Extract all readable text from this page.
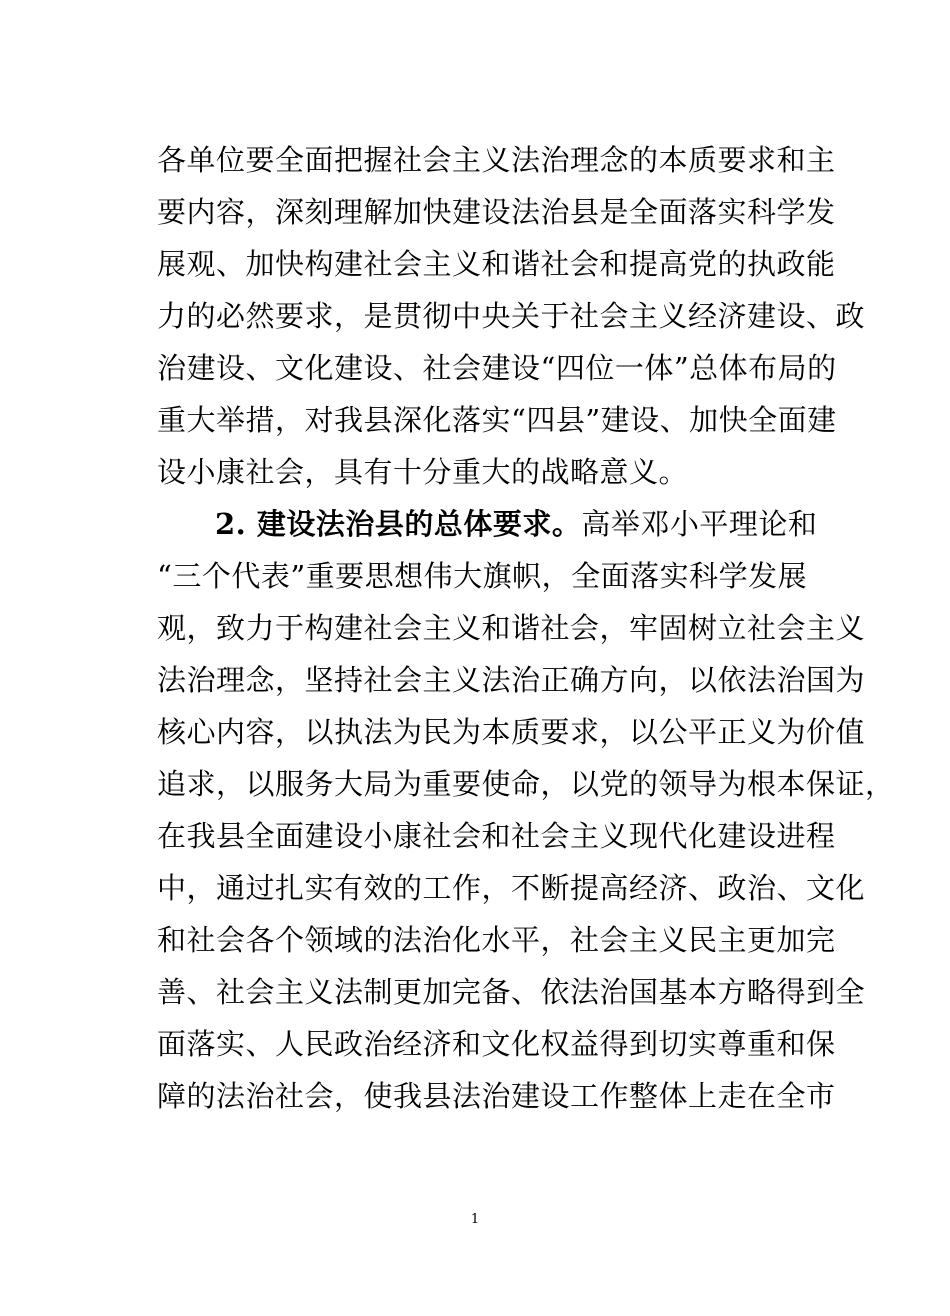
各单位要全面把握社会主义法治理念的本质要求和主
要内容，深刻理解加快建设法治县是全面落实科学发
展观、加快构建社会主义和谐社会和提高党的执政能
力的必然要求，是贯彻中央关于社会主义经济建设、政
治建设、文化建设、社会建设“四位一体”总体布局的
重大举措，对我县深化落实“四县”建设、加快全面建
设小康社会，具有十分重大的战略意义。
2. 建设法治县的总体要求。高举邓小平理论和
“三个代表”重要思想伟大旗帜，全面落实科学发展
观，致力于构建社会主义和谐社会，牢固树立社会主义
法治理念，坚持社会主义法治正确方向，以依法治国为
核心内容，以执法为民为本质要求，以公平正义为价值
追求，以服务大局为重要使命，以党的领导为根本保证，
在我县全面建设小康社会和社会主义现代化建设进程
中，通过扎实有效的工作，不断提高经济、政治、文化
和社会各个领域的法治化水平，社会主义民主更加完
善、社会主义法制更加完备、依法治国基本方略得到全
面落实、人民政治经济和文化权益得到切实尊重和保
障的法治社会，使我县法治建设工作整体上走在全市
1
